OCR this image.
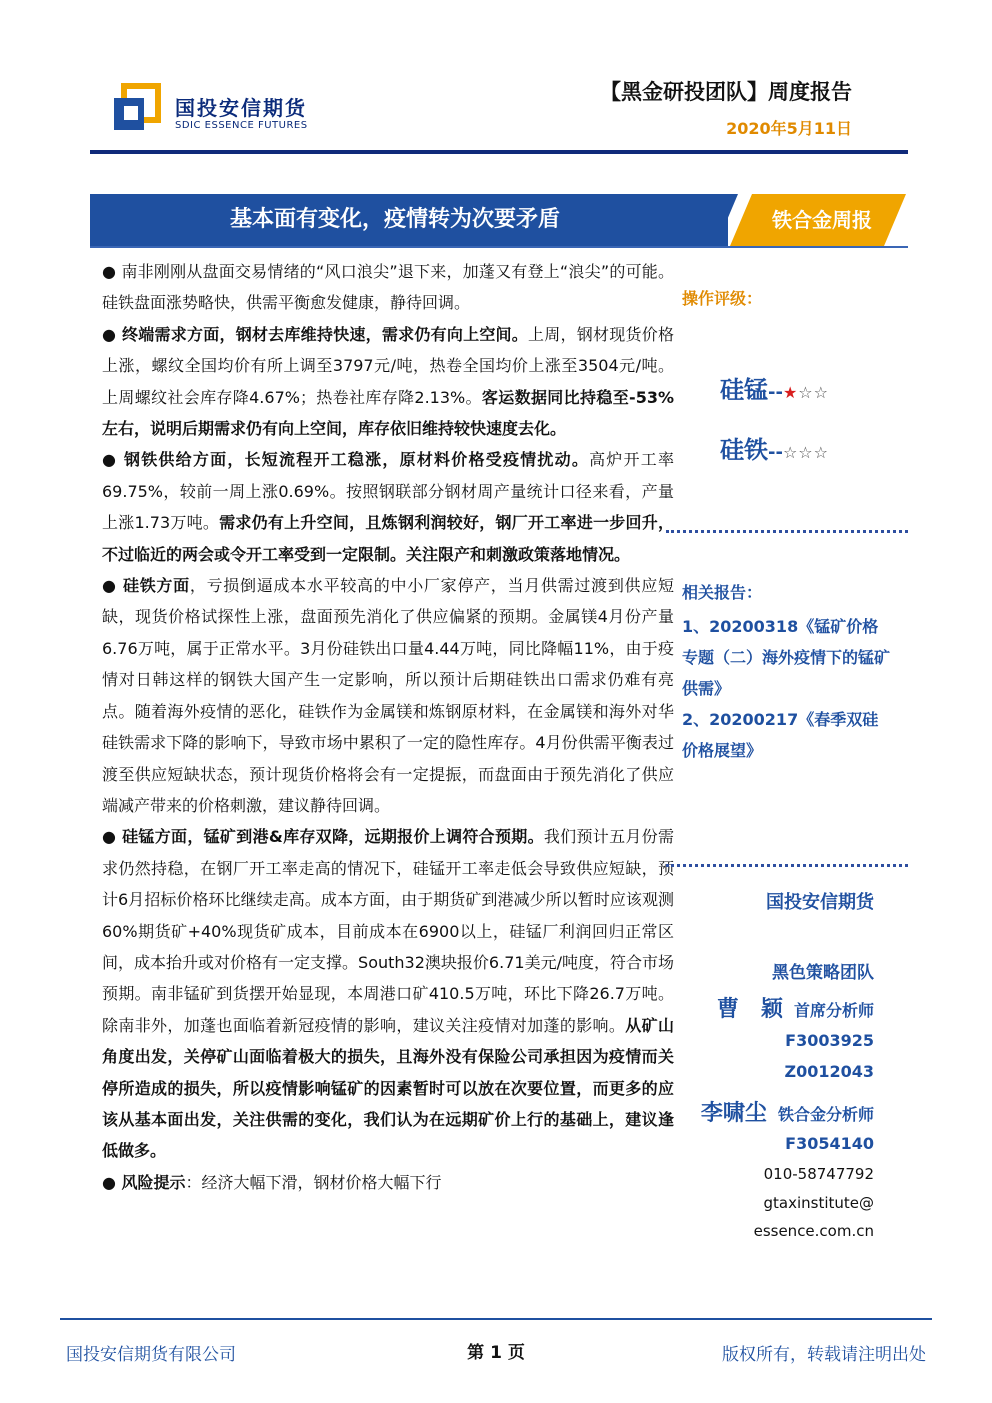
国投安信期货
SDIC ESSENCE FUTURES
【黑金研投团队】周度报告
2020年5月11日
基本面有变化，疫情转为次要矛盾	铁合金周报

● 南非刚刚从盘面交易情绪的“风口浪尖”退下来，加蓬又有登上“浪尖”的可能。硅铁盘面涨势略快，供需平衡愈发健康，静待回调。

● 终端需求方面，钢材去库维持快速，需求仍有向上空间。上周，钢材现货价格上涨，螺纹全国均价有所上调至3797元/吨，热卷全国均价上涨至3504元/吨。上周螺纹社会库存降4.67%；热卷社库存降2.13%。客运数据同比持稳至-53%左右，说明后期需求仍有向上空间，库存依旧维持较快速度去化。

● 钢铁供给方面，长短流程开工稳涨，原材料价格受疫情扰动。高炉开工率69.75%，较前一周上涨0.69%。按照钢联部分钢材周产量统计口径来看，产量上涨1.73万吨。需求仍有上升空间，且炼钢利润较好，钢厂开工率进一步回升，不过临近的两会或令开工率受到一定限制。关注限产和刺激政策落地情况。

● 硅铁方面，亏损倒逼成本水平较高的中小厂家停产，当月供需过渡到供应短缺，现货价格试探性上涨，盘面预先消化了供应偏紧的预期。金属镁4月份产量6.76万吨，属于正常水平。3月份硅铁出口量4.44万吨，同比降幅11%，由于疫情对日韩这样的钢铁大国产生一定影响，所以预计后期硅铁出口需求仍难有亮点。随着海外疫情的恶化，硅铁作为金属镁和炼钢原材料，在金属镁和海外对华硅铁需求下降的影响下，导致市场中累积了一定的隐性库存。4月份供需平衡表过渡至供应短缺状态，预计现货价格将会有一定提振，而盘面由于预先消化了供应端减产带来的价格刺激，建议静待回调。

● 硅锰方面，锰矿到港&库存双降，远期报价上调符合预期。我们预计五月份需求仍然持稳，在钢厂开工率走高的情况下，硅锰开工率走低会导致供应短缺，预计6月招标价格环比继续走高。成本方面，由于期货矿到港减少所以暂时应该观测60%期货矿+40%现货矿成本，目前成本在6900以上，硅锰厂利润回归正常区间，成本抬升或对价格有一定支撑。South32澳块报价6.71美元/吨度，符合市场预期。南非锰矿到货摆开始显现，本周港口矿410.5万吨，环比下降26.7万吨。除南非外，加蓬也面临着新冠疫情的影响，建议关注疫情对加蓬的影响。从矿山角度出发，关停矿山面临着极大的损失，且海外没有保险公司承担因为疫情而关停所造成的损失，所以疫情影响锰矿的因素暂时可以放在次要位置，而更多的应该从基本面出发，关注供需的变化，我们认为在远期矿价上行的基础上，建议逢低做多。

● 风险提示：经济大幅下滑，钢材价格大幅下行

操作评级：
硅锰--★☆☆
硅铁--☆☆☆
相关报告：
1、20200318《锰矿价格专题（二）海外疫情下的锰矿供需》
2、20200217《春季双硅价格展望》
国投安信期货
黑色策略团队
曹　颖 首席分析师
F3003925
Z0012043
李啸尘 铁合金分析师
F3054140
010-58747792
gtaxinstitute@
essence.com.cn
国投安信期货有限公司	第 1 页	版权所有，转载请注明出处
